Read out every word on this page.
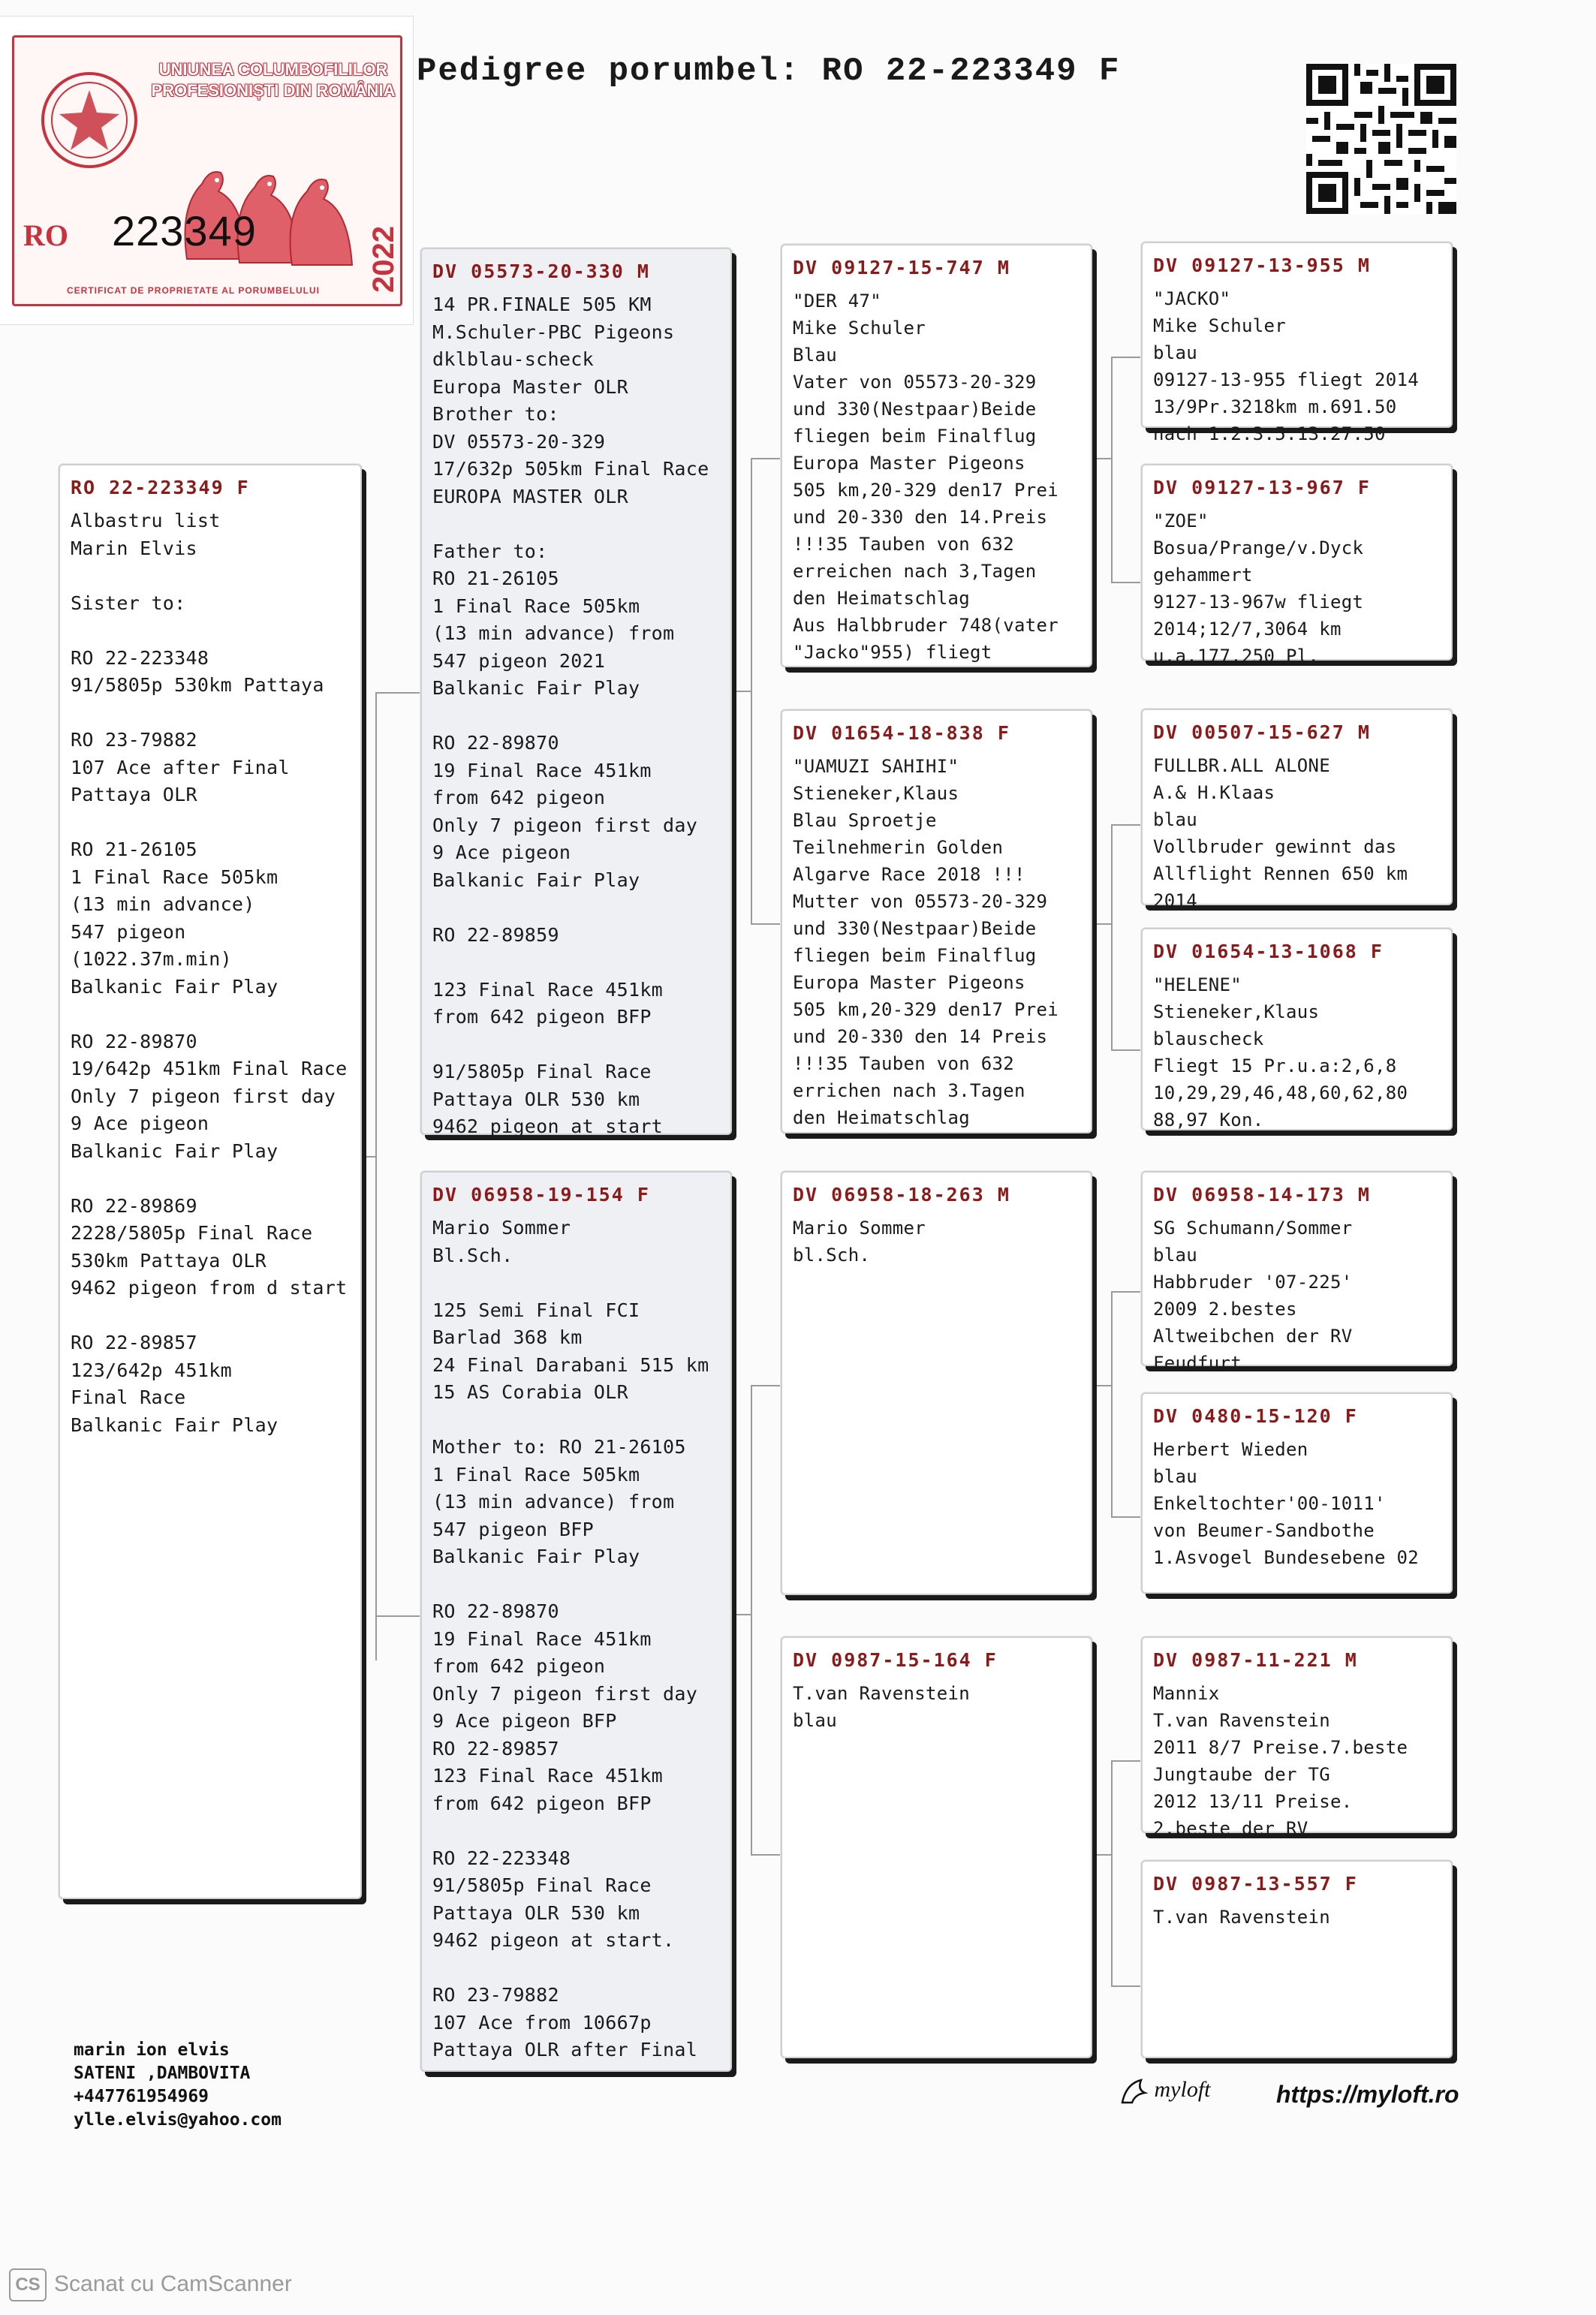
UNIUNEA COLUMBOFILILOR
PROFESIONIȘTI DIN ROMÂNIA
RO 223349	2022
CERTIFICAT DE PROPRIETATE AL PORUMBELULUI
Pedigree porumbel: RO 22-223349 F
RO 22-223349 F
Albastru list
Marin Elvis

Sister to:

RO 22-223348
91/5805p 530km Pattaya

RO 23-79882
107 Ace after Final
Pattaya OLR

RO 21-26105
1 Final Race 505km
(13 min advance)
547 pigeon
(1022.37m.min)
Balkanic Fair Play

RO 22-89870
19/642p 451km Final Race
Only 7 pigeon first day
9 Ace pigeon
Balkanic Fair Play

RO 22-89869
2228/5805p Final Race
530km Pattaya OLR
9462 pigeon from d start

RO 22-89857
123/642p 451km
Final Race
Balkanic Fair Play
DV 05573-20-330 M
14 PR.FINALE 505 KM
M.Schuler-PBC Pigeons
dklblau-scheck
Europa Master OLR
Brother to:
DV 05573-20-329
17/632p 505km Final Race
EUROPA MASTER OLR

Father to:
RO 21-26105
1 Final Race 505km
(13 min advance) from
547 pigeon 2021
Balkanic Fair Play

RO 22-89870
19 Final Race 451km
from 642 pigeon
Only 7 pigeon first day
9 Ace pigeon
Balkanic Fair Play

RO 22-89859

123 Final Race 451km
from 642 pigeon BFP

91/5805p Final Race
Pattaya OLR 530 km
9462 pigeon at start
DV 06958-19-154 F
Mario Sommer
Bl.Sch.

125 Semi Final FCI
Barlad 368 km
24 Final Darabani 515 km
15 AS Corabia OLR

Mother to: RO 21-26105
1 Final Race 505km
(13 min advance) from
547 pigeon BFP
Balkanic Fair Play

RO 22-89870
19 Final Race 451km
from 642 pigeon
Only 7 pigeon first day
9 Ace pigeon BFP
RO 22-89857
123 Final Race 451km
from 642 pigeon BFP

RO 22-223348
91/5805p Final Race
Pattaya OLR 530 km
9462 pigeon at start.

RO 23-79882
107 Ace from 10667p
Pattaya OLR after Final
DV 09127-15-747 M
"DER 47"
Mike Schuler
Blau
Vater von 05573-20-329
und 330(Nestpaar)Beide
fliegen beim Finalflug
Europa Master Pigeons
505 km,20-329 den17 Prei
und 20-330 den 14.Preis
!!!35 Tauben von 632
erreichen nach 3,Tagen
den Heimatschlag
Aus Halbbruder 748(vater
"Jacko"955) fliegt
DV 01654-18-838 F
"UAMUZI SAHIHI"
Stieneker,Klaus
Blau Sproetje
Teilnehmerin Golden
Algarve Race 2018 !!!
Mutter von 05573-20-329
und 330(Nestpaar)Beide
fliegen beim Finalflug
Europa Master Pigeons
505 km,20-329 den17 Prei
und 20-330 den 14 Preis
!!!35 Tauben von 632
errichen nach 3.Tagen
den Heimatschlag
DV 06958-18-263 M
Mario Sommer
bl.Sch.
DV 0987-15-164 F
T.van Ravenstein
blau
DV 09127-13-955 M
"JACKO"
Mike Schuler
blau
09127-13-955 fliegt 2014
13/9Pr.3218km m.691.50
nach 1.2.3.5.13.27.50
DV 09127-13-967 F
"ZOE"
Bosua/Prange/v.Dyck
gehammert
9127-13-967w fliegt
2014;12/7,3064 km
u.a.177.250 Pl.
DV 00507-15-627 M
FULLBR.ALL ALONE
A.& H.Klaas
blau
Vollbruder gewinnt das
Allflight Rennen 650 km
2014
DV 01654-13-1068 F
"HELENE"
Stieneker,Klaus
blauscheck
Fliegt 15 Pr.u.a:2,6,8
10,29,29,46,48,60,62,80
88,97 Kon.
DV 06958-14-173 M
SG Schumann/Sommer
blau
Habbruder '07-225'
2009 2.bestes
Altweibchen der RV
Feudfurt
DV 0480-15-120 F
Herbert Wieden
blau
Enkeltochter'00-1011'
von Beumer-Sandbothe
1.Asvogel Bundesebene 02
DV 0987-11-221 M
Mannix
T.van Ravenstein
2011 8/7 Preise.7.beste
Jungtaube der TG
2012 13/11 Preise.
2.beste der RV
DV 0987-13-557 F
T.van Ravenstein
marin ion elvis
SATENI ,DAMBOVITA
+447761954969
ylle.elvis@yahoo.com
myloft	https://myloft.ro
CS Scanat cu CamScanner
